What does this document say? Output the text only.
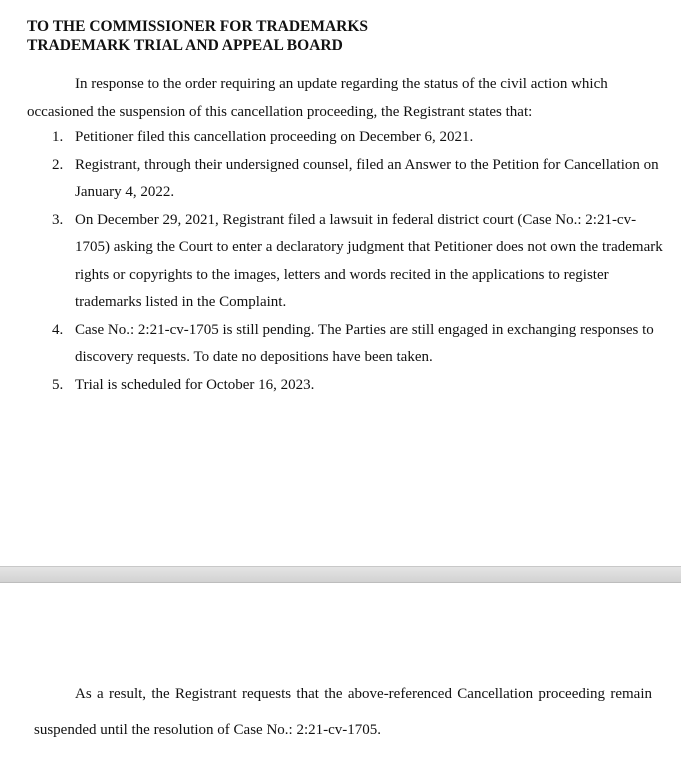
TO THE COMMISSIONER FOR TRADEMARKS
TRADEMARK TRIAL AND APPEAL BOARD
In response to the order requiring an update regarding the status of the civil action which occasioned the suspension of this cancellation proceeding, the Registrant states that:
1. Petitioner filed this cancellation proceeding on December 6, 2021.
2. Registrant, through their undersigned counsel, filed an Answer to the Petition for Cancellation on January 4, 2022.
3. On December 29, 2021, Registrant filed a lawsuit in federal district court (Case No.: 2:21-cv-1705) asking the Court to enter a declaratory judgment that Petitioner does not own the trademark rights or copyrights to the images, letters and words recited in the applications to register trademarks listed in the Complaint.
4. Case No.: 2:21-cv-1705 is still pending. The Parties are still engaged in exchanging responses to discovery requests. To date no depositions have been taken.
5. Trial is scheduled for October 16, 2023.
As a result, the Registrant requests that the above-referenced Cancellation proceeding remain suspended until the resolution of Case No.: 2:21-cv-1705.
